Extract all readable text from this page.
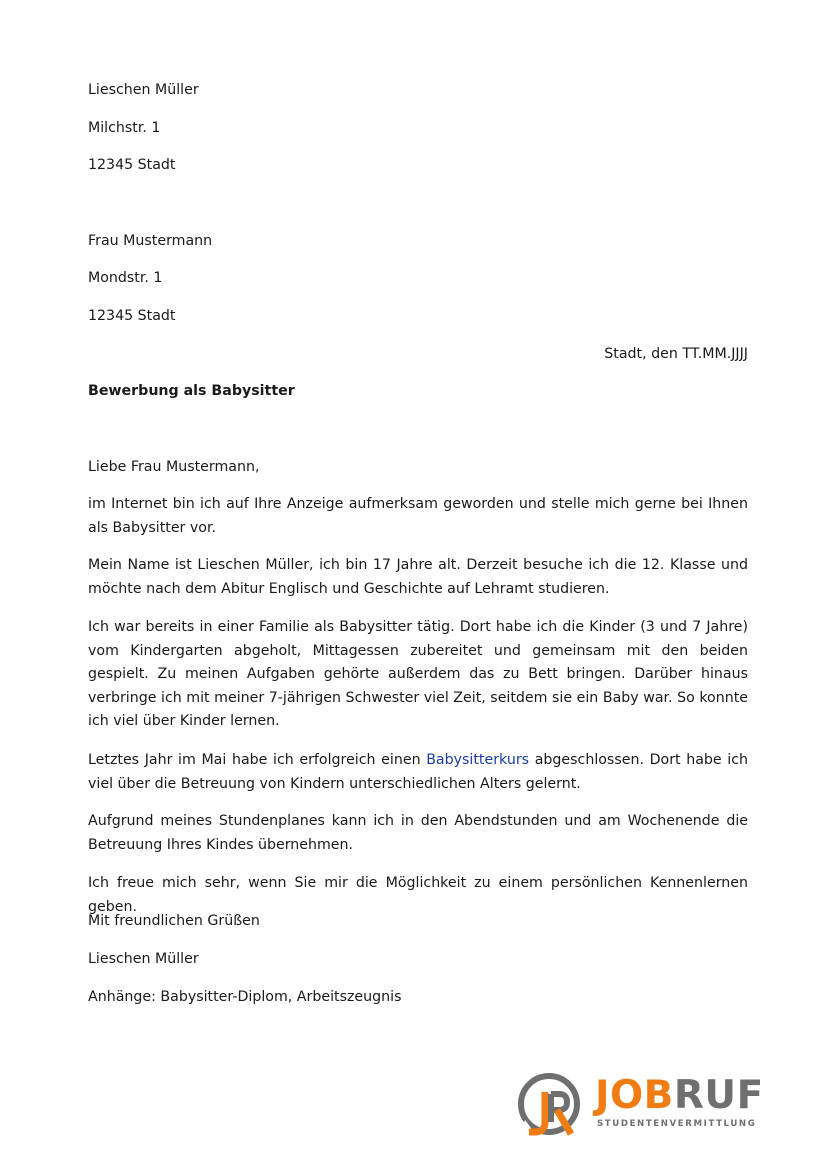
Lieschen Müller
Milchstr. 1
12345 Stadt
Frau Mustermann
Mondstr. 1
12345 Stadt
Stadt, den TT.MM.JJJJ
Bewerbung als Babysitter
Liebe Frau Mustermann,
im Internet bin ich auf Ihre Anzeige aufmerksam geworden und stelle mich gerne bei Ihnen als Babysitter vor.
Mein Name ist Lieschen Müller, ich bin 17 Jahre alt. Derzeit besuche ich die 12. Klasse und möchte nach dem Abitur Englisch und Geschichte auf Lehramt studieren.
Ich war bereits in einer Familie als Babysitter tätig. Dort habe ich die Kinder (3 und 7 Jahre) vom Kindergarten abgeholt, Mittagessen zubereitet und gemeinsam mit den beiden gespielt. Zu meinen Aufgaben gehörte außerdem das zu Bett bringen. Darüber hinaus verbringe ich mit meiner 7-jährigen Schwester viel Zeit, seitdem sie ein Baby war. So konnte ich viel über Kinder lernen.
Letztes Jahr im Mai habe ich erfolgreich einen Babysitterkurs abgeschlossen. Dort habe ich viel über die Betreuung von Kindern unterschiedlichen Alters gelernt.
Aufgrund meines Stundenplanes kann ich in den Abendstunden und am Wochenende die Betreuung Ihres Kindes übernehmen.
Ich freue mich sehr, wenn Sie mir die Möglichkeit zu einem persönlichen Kennenlernen geben.
Mit freundlichen Grüßen
Lieschen Müller
Anhänge: Babysitter-Diplom, Arbeitszeugnis
JOBRUF
STUDENTENVERMITTLUNG
